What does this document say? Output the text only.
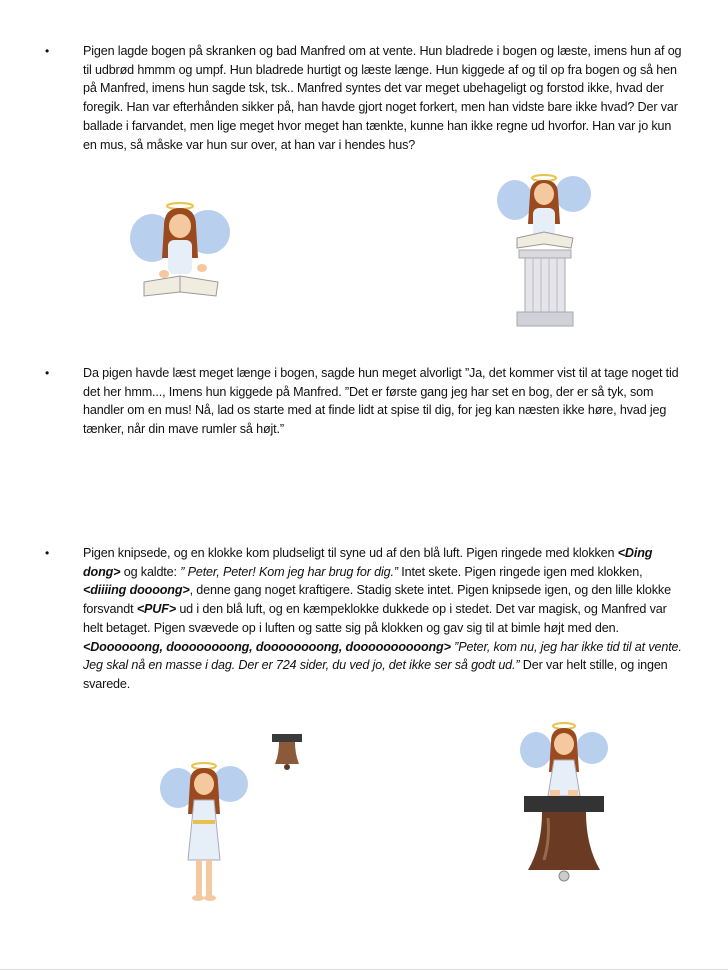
•	Pigen lagde bogen på skranken og bad Manfred om at vente. Hun bladrede i bogen og læste, imens hun af og til udbrød hmmm og umpf. Hun bladrede hurtigt og læste længe. Hun kiggede af og til op fra bogen og så hen på Manfred, imens hun sagde tsk, tsk.. Manfred syntes det var meget ubehageligt og forstod ikke, hvad der foregik. Han var efterhånden sikker på, han havde gjort noget forkert, men han vidste bare ikke hvad? Der var ballade i farvandet, men lige meget hvor meget han tænkte, kunne han ikke regne ud hvorfor. Han var jo kun en mus, så måske var hun sur over, at han var i hendes hus?
•	Da pigen havde læst meget længe i bogen, sagde hun meget alvorligt ”Ja, det kommer vist til at tage noget tid det her hmm..., Imens hun kiggede på Manfred. ”Det er første gang jeg har set en bog, der er så tyk, som handler om en mus! Nå, lad os starte med at finde lidt at spise til dig, for jeg kan næsten ikke høre, hvad jeg tænker, når din mave rumler så højt.”
•	Pigen knipsede, og en klokke kom pludseligt til syne ud af den blå luft. Pigen ringede med klokken <Ding dong> og kaldte: ” Peter, Peter! Kom jeg har brug for dig.” Intet skete. Pigen ringede igen med klokken, <diiiing doooong>, denne gang noget kraftigere. Stadig skete intet. Pigen knipsede igen, og den lille klokke forsvandt <PUF> ud i den blå luft, og en kæmpeklokke dukkede op i stedet. Det var magisk, og Manfred var helt betaget. Pigen svævede op i luften og satte sig på klokken og gav sig til at bimle højt med den. <Doooooong, doooooooong, doooooooong, doooooooooong> ”Peter, kom nu, jeg har ikke tid til at vente. Jeg skal nå en masse i dag. Der er 724 sider, du ved jo, det ikke ser så godt ud.” Der var helt stille, og ingen svarede.
